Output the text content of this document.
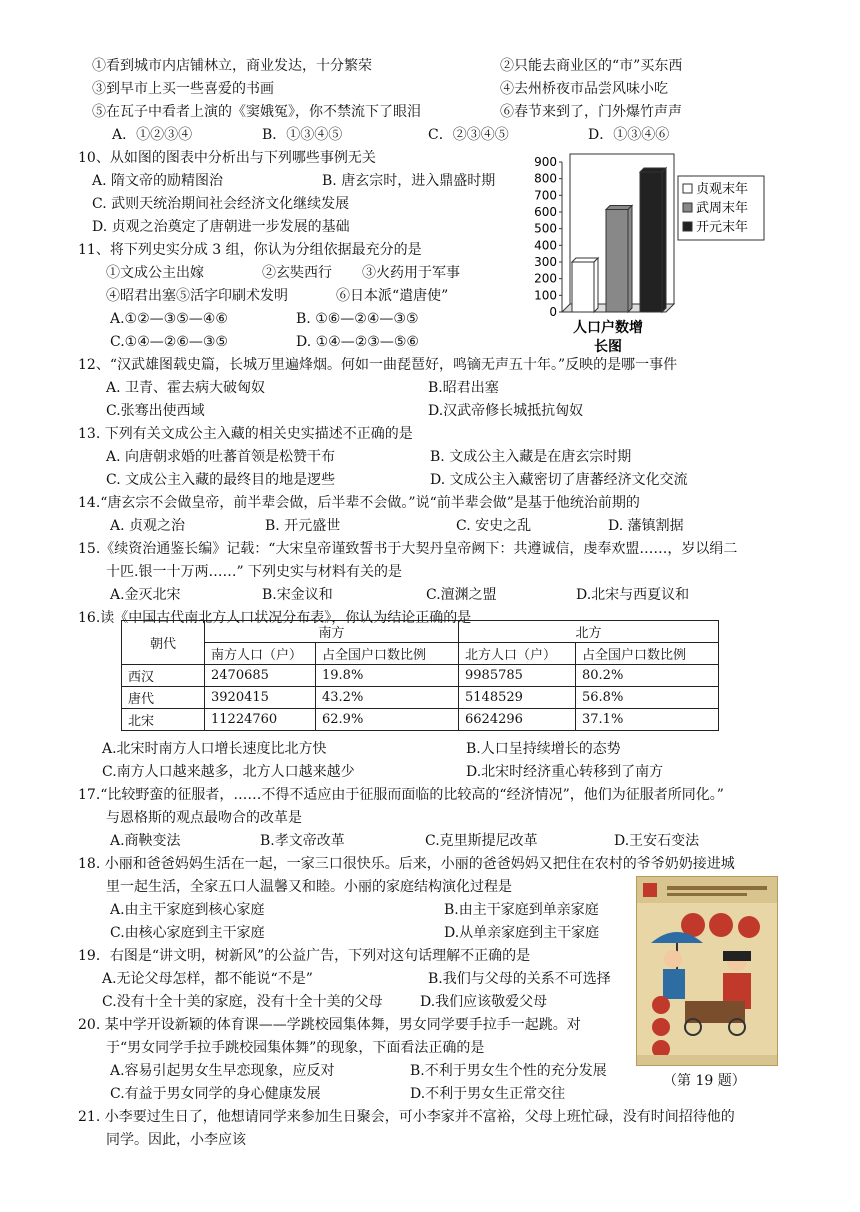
①看到城市内店铺林立，商业发达，十分繁荣	②只能去商业区的“市”买东西
③到早市上买一些喜爱的书画	④去州桥夜市品尝风味小吃
⑤在瓦子中看者上演的《窦娥冤》，你不禁流下了眼泪	⑥春节来到了，门外爆竹声声
A．①②③④	B．①③④⑤	C．②③④⑤	D．①③④⑥
10、从如图的图表中分析出与下列哪些事例无关
A. 隋文帝的励精图治	B. 唐玄宗时，进入鼎盛时期
C. 武则天统治期间社会经济文化继续发展
D. 贞观之治奠定了唐朝进一步发展的基础
11、将下列史实分成 3 组，你认为分组依据最充分的是
①文成公主出嫁	②玄奘西行 ③火药用于军事
④昭君出塞⑤活字印刷术发明	⑥日本派“遣唐使”
A.①②—③⑤—④⑥	B. ①⑥—②④—③⑤
C.①④—②⑥—③⑤	D. ①④—②③—⑤⑥
12、“汉武雄图载史篇，长城万里遍烽烟。何如一曲琵琶好，鸣镝无声五十年。”反映的是哪一事件
A. 卫青、霍去病大破匈奴	B.昭君出塞
C.张骞出使西域	D.汉武帝修长城抵抗匈奴
13. 下列有关文成公主入藏的相关史实描述不正确的是
A. 向唐朝求婚的吐蕃首领是松赞干布	B. 文成公主入藏是在唐玄宗时期
C. 文成公主入藏的最终目的地是逻些	D. 文成公主入藏密切了唐蕃经济文化交流
14.“唐玄宗不会做皇帝，前半辈会做，后半辈不会做。”说“前半辈会做”是基于他统治前期的
A. 贞观之治	B. 开元盛世	C. 安史之乱	D. 藩镇割据
15.《续资治通鉴长编》记载：“大宋皇帝谨致誓书于大契丹皇帝阙下：共遵诚信，虔奉欢盟……，岁以绢二
十匹.银一十万两……” 下列史实与材料有关的是
A.金灭北宋	B.宋金议和	C.澶渊之盟	D.北宋与西夏议和
16.读《中国古代南北方人口状况分布表》，你认为结论正确的是
A.北宋时南方人口增长速度比北方快	B.人口呈持续增长的态势
C.南方人口越来越多，北方人口越来越少	D.北宋时经济重心转移到了南方
17.“比较野蛮的征服者，……不得不适应由于征服而面临的比较高的“经济情况”，他们为征服者所同化。”
与恩格斯的观点最吻合的改革是
A.商鞅变法	B.孝文帝改革	C.克里斯提尼改革	D.王安石变法
18. 小丽和爸爸妈妈生活在一起，一家三口很快乐。后来，小丽的爸爸妈妈又把住在农村的爷爷奶奶接进城
里一起生活，全家五口人温馨又和睦。小丽的家庭结构演化过程是
A.由主干家庭到核心家庭	B.由主干家庭到单亲家庭
C.由核心家庭到主干家庭	D.从单亲家庭到主干家庭
19．右图是“讲文明，树新风”的公益广告，下列对这句话理解不正确的是
A.无论父母怎样，都不能说“不是”	B.我们与父母的关系不可选择
C.没有十全十美的家庭，没有十全十美的父母	D.我们应该敬爱父母
20. 某中学开设新颖的体育课——学跳校园集体舞，男女同学要手拉手一起跳。对
于“男女同学手拉手跳校园集体舞”的现象，下面看法正确的是
A.容易引起男女生早恋现象，应反对	B.不利于男女生个性的充分发展
C.有益于男女同学的身心健康发展	D.不利于男女生正常交往
21. 小李要过生日了，他想请同学来参加生日聚会，可小李家并不富裕，父母上班忙碌，没有时间招待他的
同学。因此，小李应该
0
100
200
300
400
500
600
700
800
900
贞观末年
武周末年
开元末年
人口户数增
长图
朝代	南方		北方	
	南方人口（户）	占全国户口数比例	北方人口（户）	占全国户口数比例
西汉	2470685	19.8%	9985785	80.2%
唐代	3920415	43.2%	5148529	56.8%
北宋	11224760	62.9%	6624296	37.1%
（第 19 题）
